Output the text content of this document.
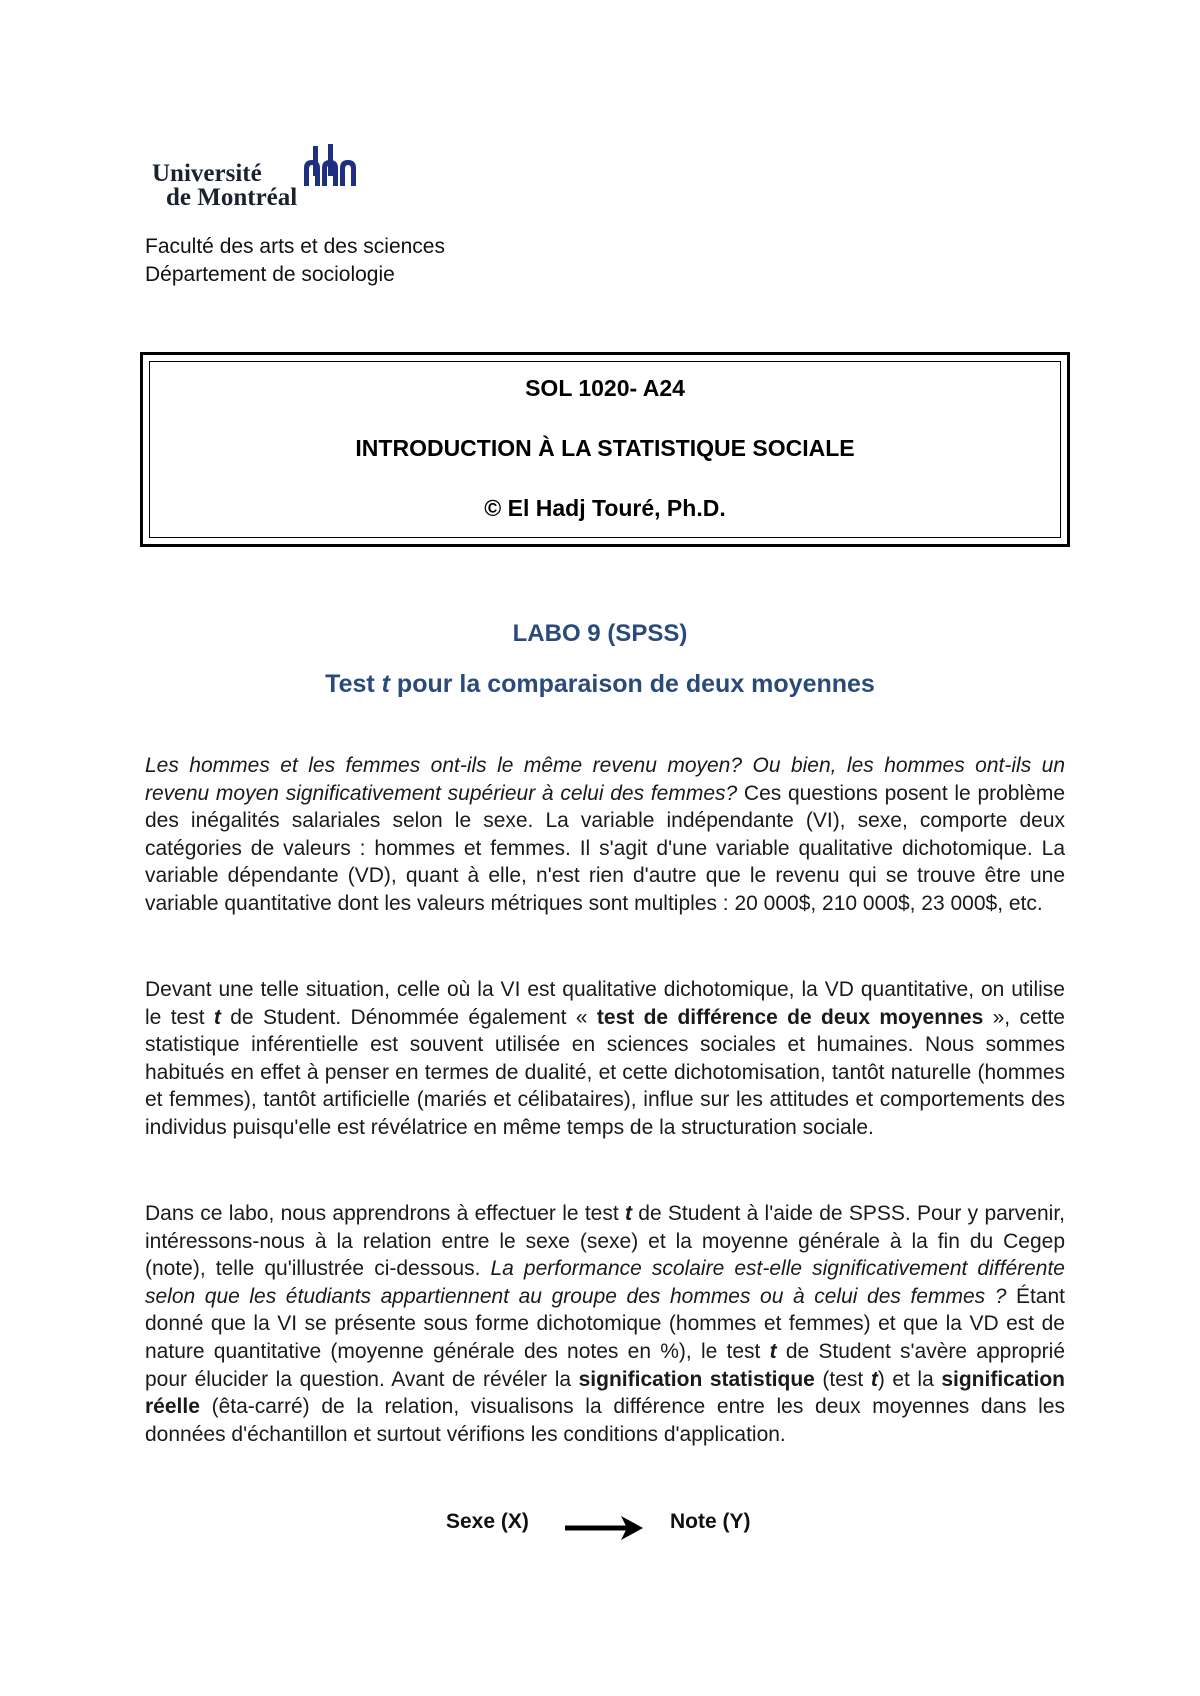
Université
de Montréal
Faculté des arts et des sciences
Département de sociologie
SOL 1020- A24
INTRODUCTION À LA STATISTIQUE SOCIALE
© El Hadj Touré, Ph.D.
LABO 9 (SPSS)
Test t pour la comparaison de deux moyennes
Les hommes et les femmes ont-ils le même revenu moyen? Ou bien, les hommes ont-ils un revenu moyen significativement supérieur à celui des femmes? Ces questions posent le problème des inégalités salariales selon le sexe. La variable indépendante (VI), sexe, comporte deux catégories de valeurs : hommes et femmes. Il s'agit d'une variable qualitative dichotomique. La variable dépendante (VD), quant à elle, n'est rien d'autre que le revenu qui se trouve être une variable quantitative dont les valeurs métriques sont multiples : 20 000$, 210 000$, 23 000$, etc.
Devant une telle situation, celle où la VI est qualitative dichotomique, la VD quantitative, on utilise le test t de Student. Dénommée également « test de différence de deux moyennes », cette statistique inférentielle est souvent utilisée en sciences sociales et humaines. Nous sommes habitués en effet à penser en termes de dualité, et cette dichotomisation, tantôt naturelle (hommes et femmes), tantôt artificielle (mariés et célibataires), influe sur les attitudes et comportements des individus puisqu'elle est révélatrice en même temps de la structuration sociale.
Dans ce labo, nous apprendrons à effectuer le test t de Student à l'aide de SPSS. Pour y parvenir, intéressons-nous à la relation entre le sexe (sexe) et la moyenne générale à la fin du Cegep (note), telle qu'illustrée ci-dessous. La performance scolaire est-elle significativement différente selon que les étudiants appartiennent au groupe des hommes ou à celui des femmes ? Étant donné que la VI se présente sous forme dichotomique (hommes et femmes) et que la VD est de nature quantitative (moyenne générale des notes en %), le test t de Student s'avère approprié pour élucider la question. Avant de révéler la signification statistique (test t) et la signification réelle (êta-carré) de la relation, visualisons la différence entre les deux moyennes dans les données d'échantillon et surtout vérifions les conditions d'application.
Sexe (X)	Note (Y)
